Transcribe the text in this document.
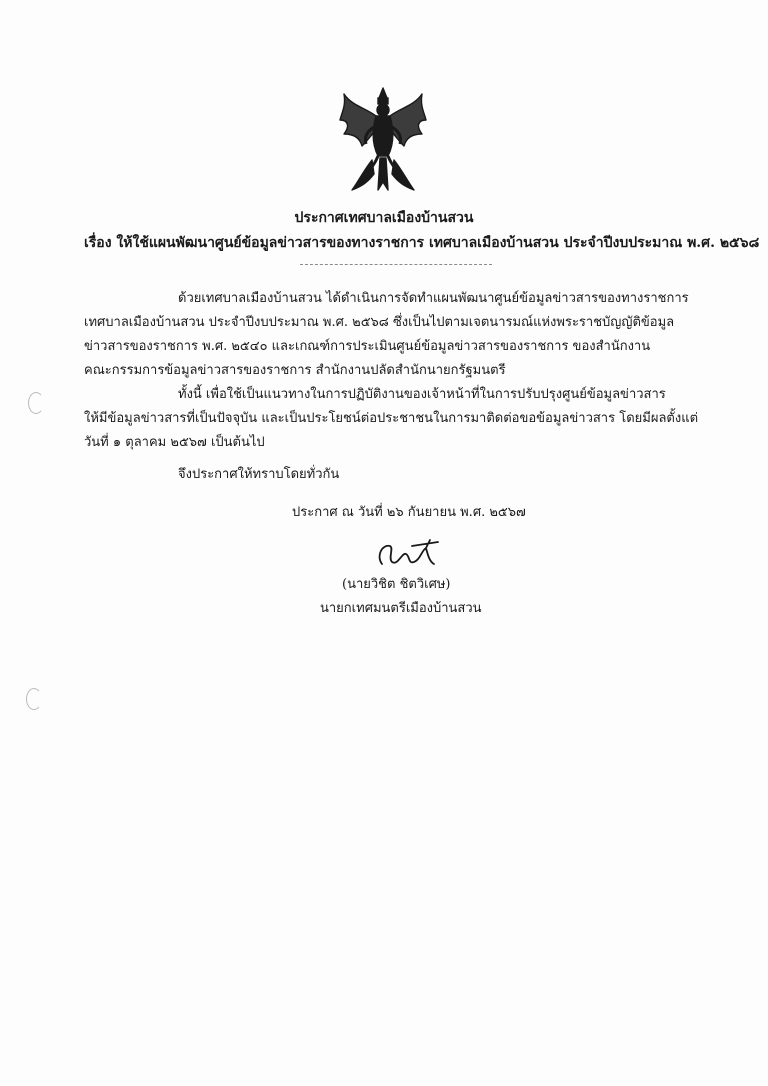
ประกาศเทศบาลเมืองบ้านสวน
เรื่อง ให้ใช้แผนพัฒนาศูนย์ข้อมูลข่าวสารของทางราชการ เทศบาลเมืองบ้านสวน ประจำปีงบประมาณ พ.ศ. ๒๕๖๘
ด้วยเทศบาลเมืองบ้านสวน ได้ดำเนินการจัดทำแผนพัฒนาศูนย์ข้อมูลข่าวสารของทางราชการ
เทศบาลเมืองบ้านสวน ประจำปีงบประมาณ พ.ศ. ๒๕๖๘ ซึ่งเป็นไปตามเจตนารมณ์แห่งพระราชบัญญัติข้อมูล
ข่าวสารของราชการ พ.ศ. ๒๕๔๐ และเกณฑ์การประเมินศูนย์ข้อมูลข่าวสารของราชการ ของสำนักงาน
คณะกรรมการข้อมูลข่าวสารของราชการ สำนักงานปลัดสำนักนายกรัฐมนตรี
ทั้งนี้ เพื่อใช้เป็นแนวทางในการปฏิบัติงานของเจ้าหน้าที่ในการปรับปรุงศูนย์ข้อมูลข่าวสาร
ให้มีข้อมูลข่าวสารที่เป็นปัจจุบัน และเป็นประโยชน์ต่อประชาชนในการมาติดต่อขอข้อมูลข่าวสาร โดยมีผลตั้งแต่
วันที่ ๑ ตุลาคม ๒๕๖๗ เป็นต้นไป
จึงประกาศให้ทราบโดยทั่วกัน
ประกาศ ณ วันที่ ๒๖ กันยายน พ.ศ. ๒๕๖๗
(นายวิชิต ชิตวิเศษ)
นายกเทศมนตรีเมืองบ้านสวน
